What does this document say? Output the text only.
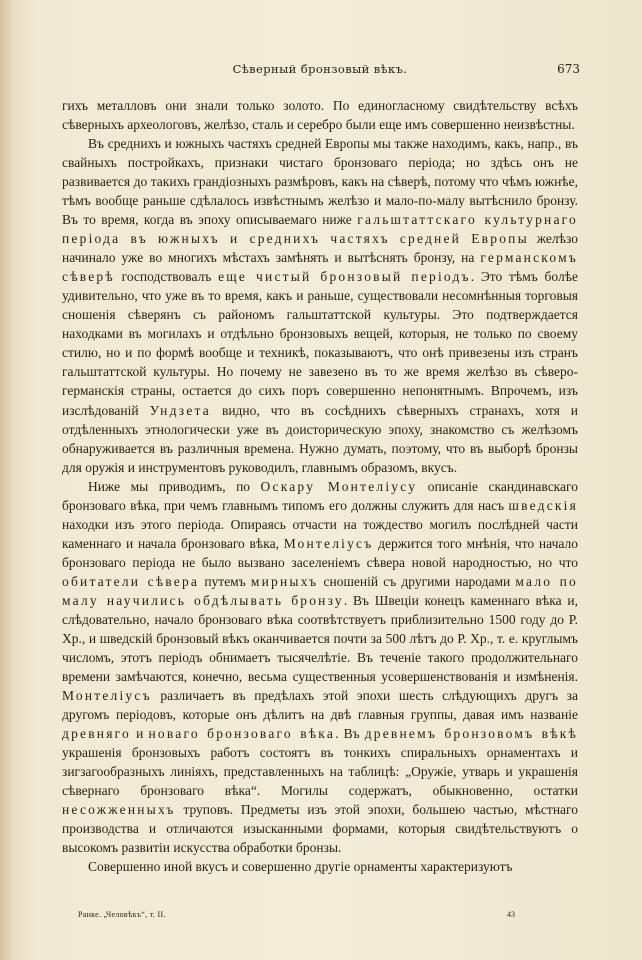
Сѣверный бронзовый вѣкъ.	673

гихъ металловъ они знали только золото. По единогласному свидѣтельству всѣхъ сѣверныхъ археологовъ, желѣзо, сталь и серебро были еще имъ совершенно неизвѣстны.

Въ среднихъ и южныхъ частяхъ средней Европы мы также находимъ, какъ, напр., въ свайныхъ постройкахъ, признаки чистаго бронзоваго періода; но здѣсь онъ не развивается до такихъ грандіозныхъ размѣровъ, какъ на сѣверѣ, потому что чѣмъ южнѣе, тѣмъ вообще раньше сдѣлалось извѣстнымъ желѣзо и мало-по-малу вытѣснило бронзу. Въ то время, когда въ эпоху описываемаго ниже гальштаттскаго культурнаго періода въ южныхъ и среднихъ частяхъ средней Европы желѣзо начинало уже во многихъ мѣстахъ замѣнять и вытѣснять бронзу, на германскомъ сѣверѣ господствовалъ еще чистый бронзовый періодъ. Это тѣмъ болѣе удивительно, что уже въ то время, какъ и раньше, существовали несомнѣнныя торговыя сношенія сѣверянъ съ райономъ гальштаттской культуры. Это подтверждается находками въ могилахъ и отдѣльно бронзовыхъ вещей, которыя, не только по своему стилю, но и по формѣ вообще и техникѣ, показываютъ, что онѣ привезены изъ странъ гальштаттской культуры. Но почему не завезено въ то же время желѣзо въ сѣверо-германскія страны, остается до сихъ поръ совершенно непонятнымъ. Впрочемъ, изъ изслѣдованій Ундзета видно, что въ сосѣднихъ сѣверныхъ странахъ, хотя и отдѣленныхъ этнологически уже въ доисторическую эпоху, знакомство съ желѣзомъ обнаруживается въ различныя времена. Нужно думать, поэтому, что въ выборѣ бронзы для оружія и инструментовъ руководилъ, главнымъ образомъ, вкусъ.

Ниже мы приводимъ, по Оскару Монтеліусу описаніе скандинавскаго бронзоваго вѣка, при чемъ главнымъ типомъ его должны служить для насъ шведскія находки изъ этого періода. Опираясь отчасти на тождество могилъ послѣдней части каменнаго и начала бронзоваго вѣка, Монтеліусъ держится того мнѣнія, что начало бронзоваго періода не было вызвано заселеніемъ сѣвера новой народностью, но что обитатели сѣвера путемъ мирныхъ сношеній съ другими народами мало по малу научились обдѣлывать бронзу. Въ Швеціи конецъ каменнаго вѣка и, слѣдовательно, начало бронзоваго вѣка соотвѣтствуетъ приблизительно 1500 году до Р. Хр., и шведскій бронзовый вѣкъ оканчивается почти за 500 лѣтъ до Р. Хр., т. е. круглымъ числомъ, этотъ періодъ обнимаетъ тысячелѣтіе. Въ теченіе такого продолжительнаго времени замѣчаются, конечно, весьма существенныя усовершенствованія и измѣненія. Монтеліусъ различаетъ въ предѣлахъ этой эпохи шесть слѣдующихъ другъ за другомъ періодовъ, которые онъ дѣлитъ на двѣ главныя группы, давая имъ названіе древняго и новаго бронзоваго вѣка. Въ древнемъ бронзовомъ вѣкѣ украшенія бронзовыхъ работъ состоятъ въ тонкихъ спиральныхъ орнаментахъ и зигзагообразныхъ линіяхъ, представленныхъ на таблицѣ: „Оружіе, утварь и украшенія сѣвернаго бронзоваго вѣка“. Могилы содержатъ, обыкновенно, остатки несожженныхъ труповъ. Предметы изъ этой эпохи, большею частью, мѣстнаго производства и отличаются изысканными формами, которыя свидѣтельствуютъ о высокомъ развитіи искусства обработки бронзы.

Совершенно иной вкусъ и совершенно другіе орнаменты характеризуютъ

Ранке. „Человѣкъ“, т. II.	43
